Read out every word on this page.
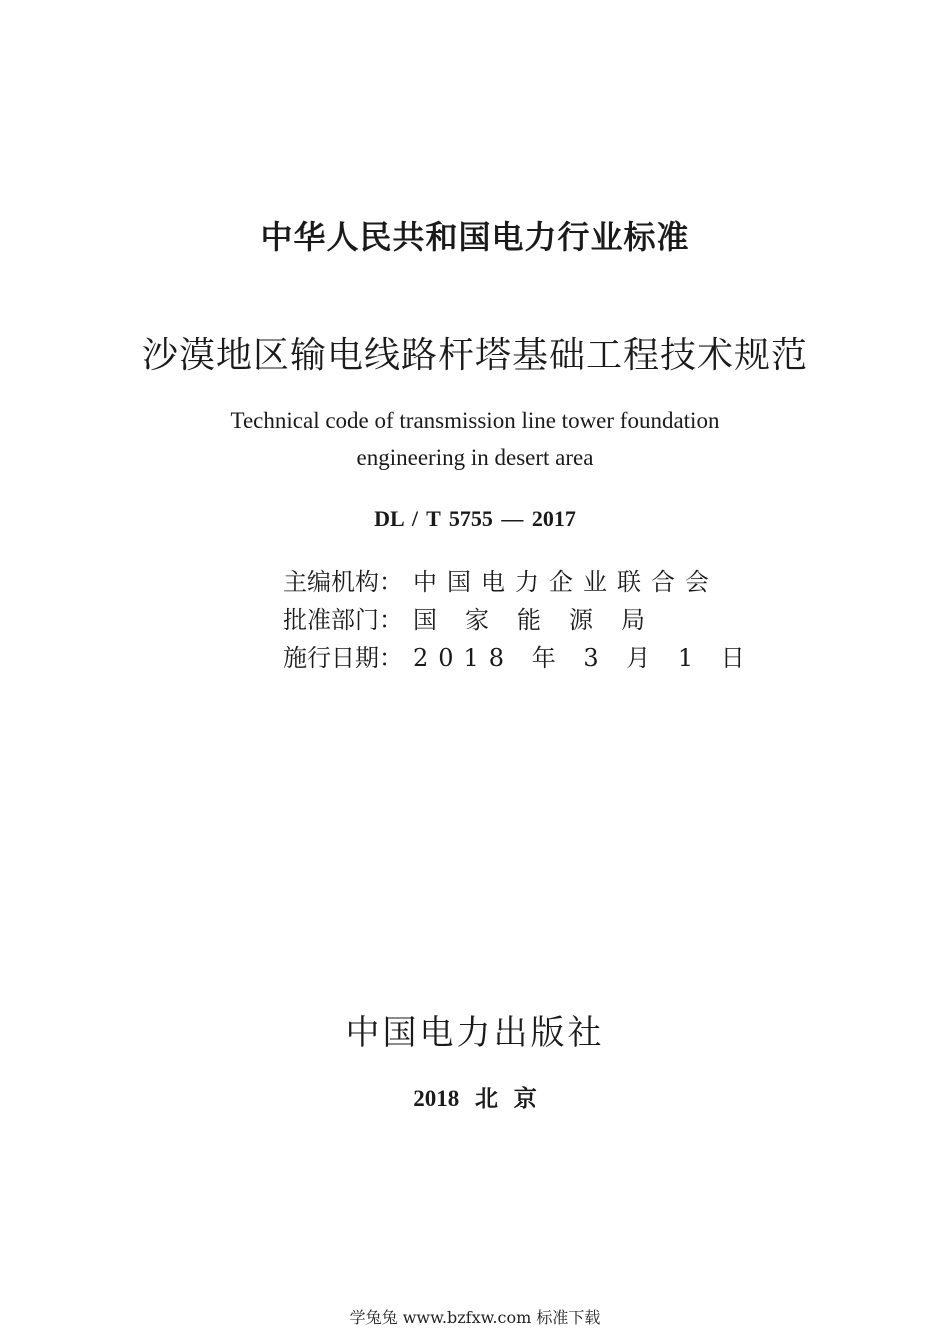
中华人民共和国电力行业标准
沙漠地区输电线路杆塔基础工程技术规范
Technical code of transmission line tower foundation
engineering in desert area
DL / T 5755 — 2017
主编机构： 中国电力企业联合会
批准部门： 国家能源局
施行日期： 2018 年 3 月 1 日
中国电力出版社
2018 北 京
学兔兔 www.bzfxw.com 标准下载
